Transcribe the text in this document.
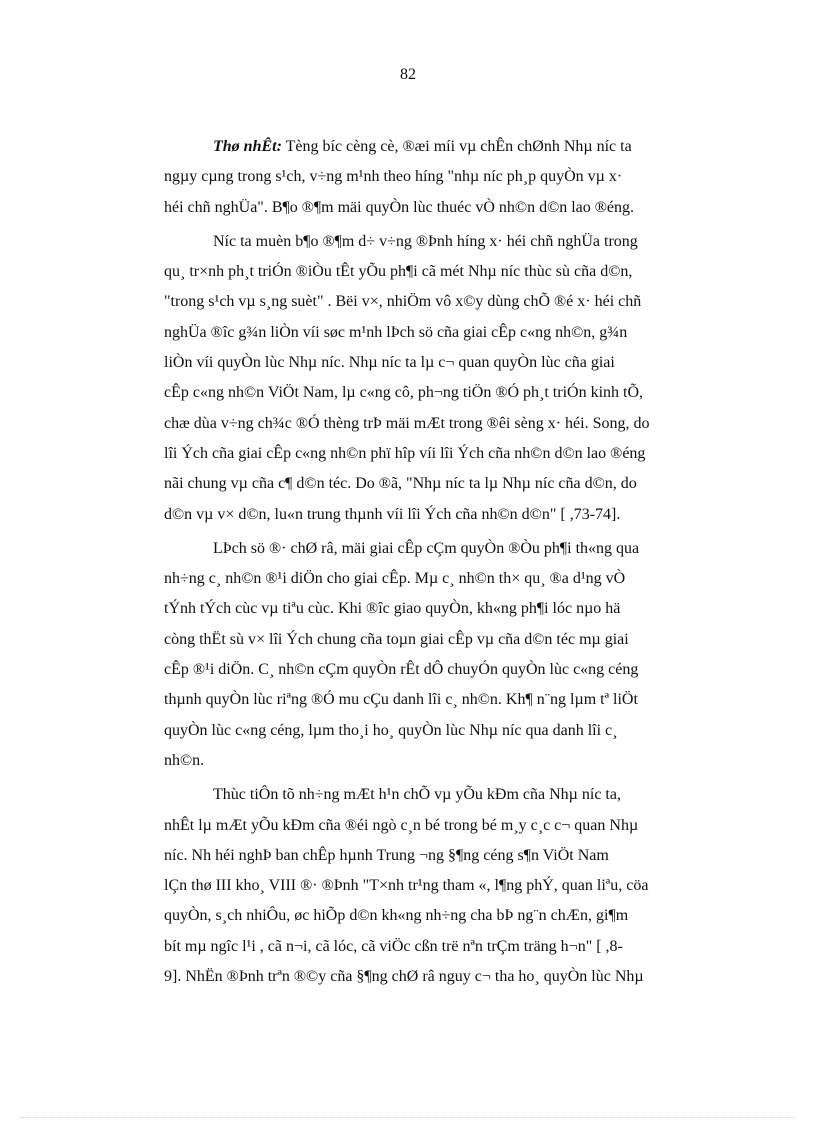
82

Thø nhÊt: Tèng bíc cèng cè, ®æi míi vµ chÊn chØnh Nhµ níc ta
ngµy cµng trong s¹ch, v÷ng m¹nh theo híng "nhµ níc ph¸p quyÒn vµ x·
héi chñ nghÜa". B¶o ®¶m mäi quyÒn lùc thuéc vÒ nh©n d©n lao ®éng.

Níc ta muèn b¶o ®¶m d÷ v÷ng ®Þnh híng x· héi chñ nghÜa trong
qu¸ tr×nh ph¸t triÓn ®iÒu tÊt yÕu ph¶i cã mét Nhµ níc thùc sù cña d©n,
"trong s¹ch vµ s¸ng suèt" . Bëi v×, nhiÖm vô x©y dùng chÕ ®é x· héi chñ
nghÜa ®îc g¾n liÒn víi søc m¹nh lÞch sö cña giai cÊp c«ng nh©n, g¾n
liÒn víi quyÒn lùc Nhµ níc. Nhµ níc ta lµ c¬ quan quyÒn lùc cña giai
cÊp c«ng nh©n ViÖt Nam, lµ c«ng cô, ph¬ng tiÖn ®Ó ph¸t triÓn kinh tÕ,
chæ dùa v÷ng ch¾c ®Ó thèng trÞ mäi mÆt trong ®êi sèng x· héi. Song, do
lîi Ých cña giai cÊp c«ng nh©n phï hîp víi lîi Ých cña nh©n d©n lao ®éng
nãi chung vµ cña c¶ d©n téc. Do ®ã, "Nhµ níc ta lµ Nhµ níc cña d©n, do
d©n vµ v× d©n, lu«n trung thµnh víi lîi Ých cña nh©n d©n" [ ,73-74].

LÞch sö ®· chØ râ, mäi giai cÊp cÇm quyÒn ®Òu ph¶i th«ng qua
nh÷ng c¸ nh©n ®¹i diÖn cho giai cÊp. Mµ c¸ nh©n th× qu¸ ®a d¹ng vÒ
tÝnh tÝch cùc vµ tiªu cùc. Khi ®îc giao quyÒn, kh«ng ph¶i lóc nµo hä
còng thËt sù v× lîi Ých chung cña toµn giai cÊp vµ cña d©n téc mµ giai
cÊp ®¹i diÖn. C¸ nh©n cÇm quyÒn rÊt dÔ chuyÓn quyÒn lùc c«ng céng
thµnh quyÒn lùc riªng ®Ó mu cÇu danh lîi c¸ nh©n. Kh¶ n¨ng lµm tª liÖt
quyÒn lùc c«ng céng, lµm tho¸i ho¸ quyÒn lùc Nhµ níc qua danh lîi c¸
nh©n.

Thùc tiÔn tõ nh÷ng mÆt h¹n chÕ vµ yÕu kÐm cña Nhµ níc ta,
nhÊt lµ mÆt yÕu kÐm cña ®éi ngò c¸n bé trong bé m¸y c¸c c¬ quan Nhµ
níc. Nh héi nghÞ ban chÊp hµnh Trung ¬ng §¶ng céng s¶n ViÖt Nam
lÇn thø III kho¸ VIII ®· ®Þnh "T×nh tr¹ng tham «, l¶ng phÝ, quan liªu, cöa
quyÒn, s¸ch nhiÔu, øc hiÕp d©n kh«ng nh÷ng cha bÞ ng¨n chÆn, gi¶m
bít mµ ngîc l¹i , cã n¬i, cã lóc, cã viÖc cßn trë nªn trÇm träng h¬n" [ ,8-
9]. NhËn ®Þnh trªn ®©y cña §¶ng chØ râ nguy c¬ tha ho¸ quyÒn lùc Nhµ
